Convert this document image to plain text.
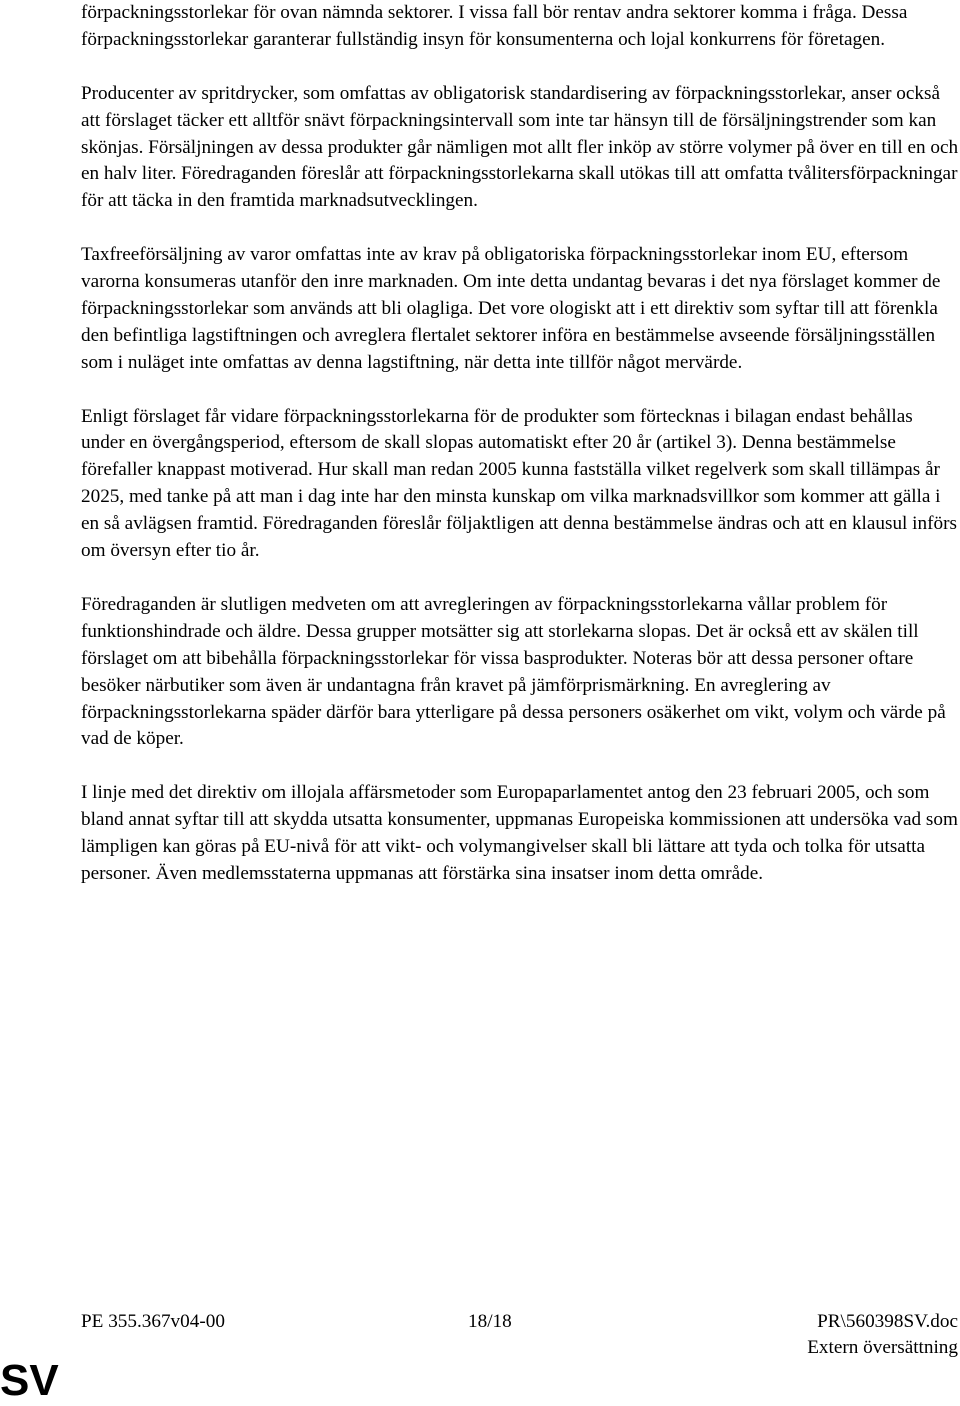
förpackningsstorlekar för ovan nämnda sektorer. I vissa fall bör rentav andra sektorer komma i fråga. Dessa förpackningsstorlekar garanterar fullständig insyn för konsumenterna och lojal konkurrens för företagen.

Producenter av spritdrycker, som omfattas av obligatorisk standardisering av förpackningsstorlekar, anser också att förslaget täcker ett alltför snävt förpackningsintervall som inte tar hänsyn till de försäljningstrender som kan skönjas. Försäljningen av dessa produkter går nämligen mot allt fler inköp av större volymer på över en till en och en halv liter. Föredraganden föreslår att förpackningsstorlekarna skall utökas till att omfatta tvålitersförpackningar för att täcka in den framtida marknadsutvecklingen.

Taxfreeförsäljning av varor omfattas inte av krav på obligatoriska förpackningsstorlekar inom EU, eftersom varorna konsumeras utanför den inre marknaden. Om inte detta undantag bevaras i det nya förslaget kommer de förpackningsstorlekar som används att bli olagliga. Det vore ologiskt att i ett direktiv som syftar till att förenkla den befintliga lagstiftningen och avreglera flertalet sektorer införa en bestämmelse avseende försäljningsställen som i nuläget inte omfattas av denna lagstiftning, när detta inte tillför något mervärde.

Enligt förslaget får vidare förpackningsstorlekarna för de produkter som förtecknas i bilagan endast behållas under en övergångsperiod, eftersom de skall slopas automatiskt efter 20 år (artikel 3). Denna bestämmelse förefaller knappast motiverad. Hur skall man redan 2005 kunna fastställa vilket regelverk som skall tillämpas år 2025, med tanke på att man i dag inte har den minsta kunskap om vilka marknadsvillkor som kommer att gälla i en så avlägsen framtid. Föredraganden föreslår följaktligen att denna bestämmelse ändras och att en klausul införs om översyn efter tio år.

Föredraganden är slutligen medveten om att avregleringen av förpackningsstorlekarna vållar problem för funktionshindrade och äldre. Dessa grupper motsätter sig att storlekarna slopas. Det är också ett av skälen till förslaget om att bibehålla förpackningsstorlekar för vissa basprodukter. Noteras bör att dessa personer oftare besöker närbutiker som även är undantagna från kravet på jämförprismärkning. En avreglering av förpackningsstorlekarna späder därför bara ytterligare på dessa personers osäkerhet om vikt, volym och värde på vad de köper.

I linje med det direktiv om illojala affärsmetoder som Europaparlamentet antog den 23 februari 2005, och som bland annat syftar till att skydda utsatta konsumenter, uppmanas Europeiska kommissionen att undersöka vad som lämpligen kan göras på EU-nivå för att vikt- och volymangivelser skall bli lättare att tyda och tolka för utsatta personer. Även medlemsstaterna uppmanas att förstärka sina insatser inom detta område.

PE 355.367v04-00	18/18	PR\560398SV.doc
Extern översättning
SV
